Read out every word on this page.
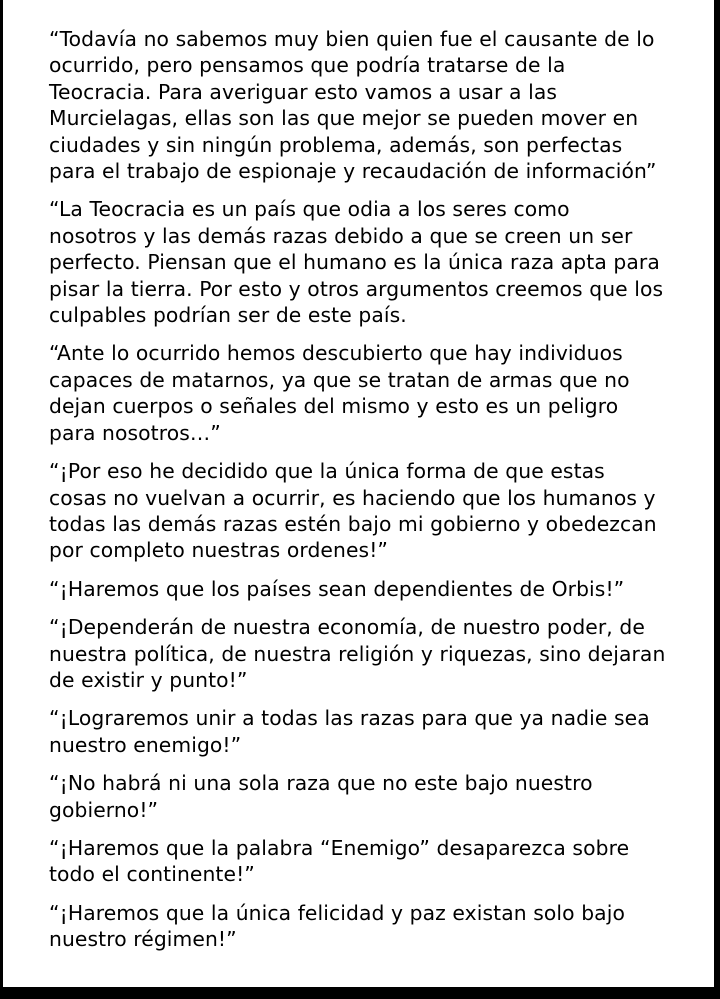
“Todavía no sabemos muy bien quien fue el causante de lo
ocurrido, pero pensamos que podría tratarse de la
Teocracia. Para averiguar esto vamos a usar a las
Murcielagas, ellas son las que mejor se pueden mover en
ciudades y sin ningún problema, además, son perfectas
para el trabajo de espionaje y recaudación de información”

“La Teocracia es un país que odia a los seres como
nosotros y las demás razas debido a que se creen un ser
perfecto. Piensan que el humano es la única raza apta para
pisar la tierra. Por esto y otros argumentos creemos que los
culpables podrían ser de este país.

“Ante lo ocurrido hemos descubierto que hay individuos
capaces de matarnos, ya que se tratan de armas que no
dejan cuerpos o señales del mismo y esto es un peligro
para nosotros…”

“¡Por eso he decidido que la única forma de que estas
cosas no vuelvan a ocurrir, es haciendo que los humanos y
todas las demás razas estén bajo mi gobierno y obedezcan
por completo nuestras ordenes!”

“¡Haremos que los países sean dependientes de Orbis!”

“¡Dependerán de nuestra economía, de nuestro poder, de
nuestra política, de nuestra religión y riquezas, sino dejaran
de existir y punto!”

“¡Lograremos unir a todas las razas para que ya nadie sea
nuestro enemigo!”

“¡No habrá ni una sola raza que no este bajo nuestro
gobierno!”

“¡Haremos que la palabra “Enemigo” desaparezca sobre
todo el continente!”

“¡Haremos que la única felicidad y paz existan solo bajo
nuestro régimen!”
